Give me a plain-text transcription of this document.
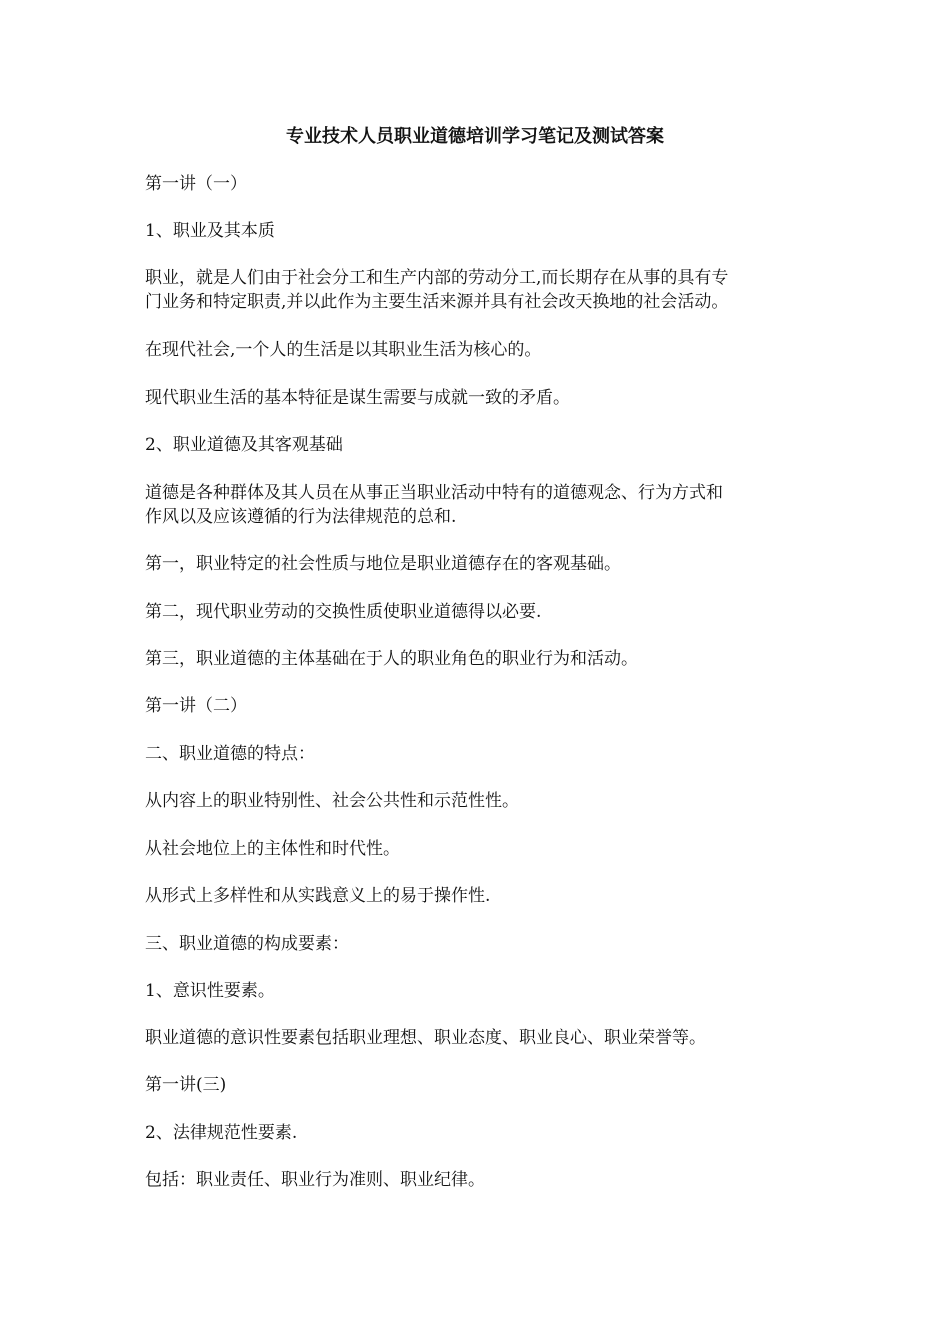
专业技术人员职业道德培训学习笔记及测试答案

第一讲（一）

1、职业及其本质

职业，就是人们由于社会分工和生产内部的劳动分工,而长期存在从事的具有专
门业务和特定职责,并以此作为主要生活来源并具有社会改天换地的社会活动。

在现代社会,一个人的生活是以其职业生活为核心的。

现代职业生活的基本特征是谋生需要与成就一致的矛盾。

2、职业道德及其客观基础

道德是各种群体及其人员在从事正当职业活动中特有的道德观念、行为方式和
作风以及应该遵循的行为法律规范的总和.

第一，职业特定的社会性质与地位是职业道德存在的客观基础。

第二，现代职业劳动的交换性质使职业道德得以必要.

第三，职业道德的主体基础在于人的职业角色的职业行为和活动。

第一讲（二）

二、职业道德的特点：

从内容上的职业特别性、社会公共性和示范性性。

从社会地位上的主体性和时代性。

从形式上多样性和从实践意义上的易于操作性.

三、职业道德的构成要素：

1、意识性要素。

职业道德的意识性要素包括职业理想、职业态度、职业良心、职业荣誉等。

第一讲(三)

2、法律规范性要素.

包括：职业责任、职业行为准则、职业纪律。
